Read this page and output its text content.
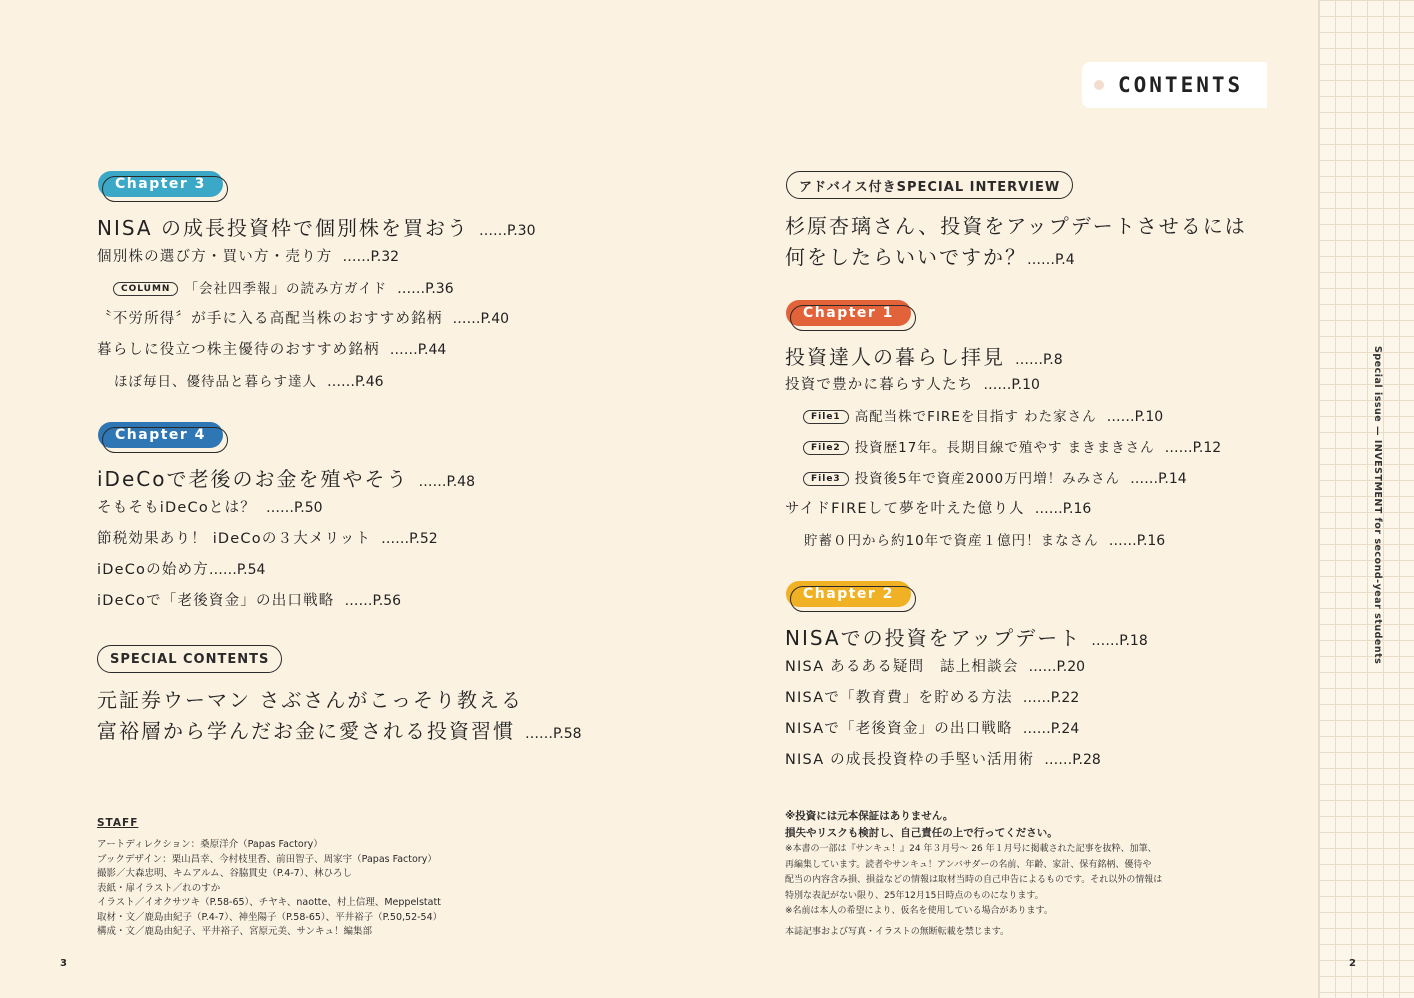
CONTENTS
Special issue — INVESTMENT for second-year students
Chapter 3
NISA の成長投資枠で個別株を買おう ……P.30
個別株の選び方・買い方・売り方 ……P.32
COLUMN 「会社四季報」の読み方ガイド ……P.36
〝不労所得〞が手に入る高配当株のおすすめ銘柄 ……P.40
暮らしに役立つ株主優待のおすすめ銘柄 ……P.44
ほぼ毎日、優待品と暮らす達人 ……P.46
Chapter 4
iDeCoで老後のお金を殖やそう ……P.48
そもそもiDeCoとは？ ……P.50
節税効果あり！ iDeCoの３大メリット ……P.52
iDeCoの始め方……P.54
iDeCoで「老後資金」の出口戦略 ……P.56
SPECIAL CONTENTS
元証券ウーマン さぶさんがこっそり教える
富裕層から学んだお金に愛される投資習慣 ……P.58
STAFF
アートディレクション：桑原洋介（Papas Factory）
ブックデザイン：栗山昌幸、今村枝里香、前田智子、周家宇（Papas Factory）
撮影／大森忠明、キムアルム、谷脇貫史（P.4-7）、林ひろし
表紙・扉イラスト／れのすか
イラスト／イオクサツキ（P.58-65）、チヤキ、naotte、村上信理、Meppelstatt
取材・文／鹿島由紀子（P.4-7）、神坐陽子（P.58-65）、平井裕子（P.50,52-54）
構成・文／鹿島由紀子、平井裕子、宮原元美、サンキュ！編集部
3
アドバイス付きSPECIAL INTERVIEW
杉原杏璃さん、投資をアップデートさせるには
何をしたらいいですか？……P.4
Chapter 1
投資達人の暮らし拝見 ……P.8
投資で豊かに暮らす人たち ……P.10
File1 高配当株でFIREを目指す わた家さん ……P.10
File2 投資歴17年。長期目線で殖やす まきまきさん ……P.12
File3 投資後5年で資産2000万円増！みみさん ……P.14
サイドFIREして夢を叶えた億り人 ……P.16
貯蓄０円から約10年で資産１億円！まなさん ……P.16
Chapter 2
NISAでの投資をアップデート ……P.18
NISA あるある疑問　誌上相談会 ……P.20
NISAで「教育費」を貯める方法 ……P.22
NISAで「老後資金」の出口戦略 ……P.24
NISA の成長投資枠の手堅い活用術 ……P.28
※投資には元本保証はありません。
損失やリスクも検討し、自己責任の上で行ってください。
※本書の一部は『サンキュ！』24 年３月号～ 26 年１月号に掲載された記事を抜粋、加筆、
再編集しています。読者やサンキュ！アンバサダーの名前、年齢、家計、保有銘柄、優待や
配当の内容含み損、損益などの情報は取材当時の自己申告によるものです。それ以外の情報は
特別な表記がない限り、25年12月15日時点のものになります。
※名前は本人の希望により、仮名を使用している場合があります。
本誌記事および写真・イラストの無断転載を禁じます。
2
